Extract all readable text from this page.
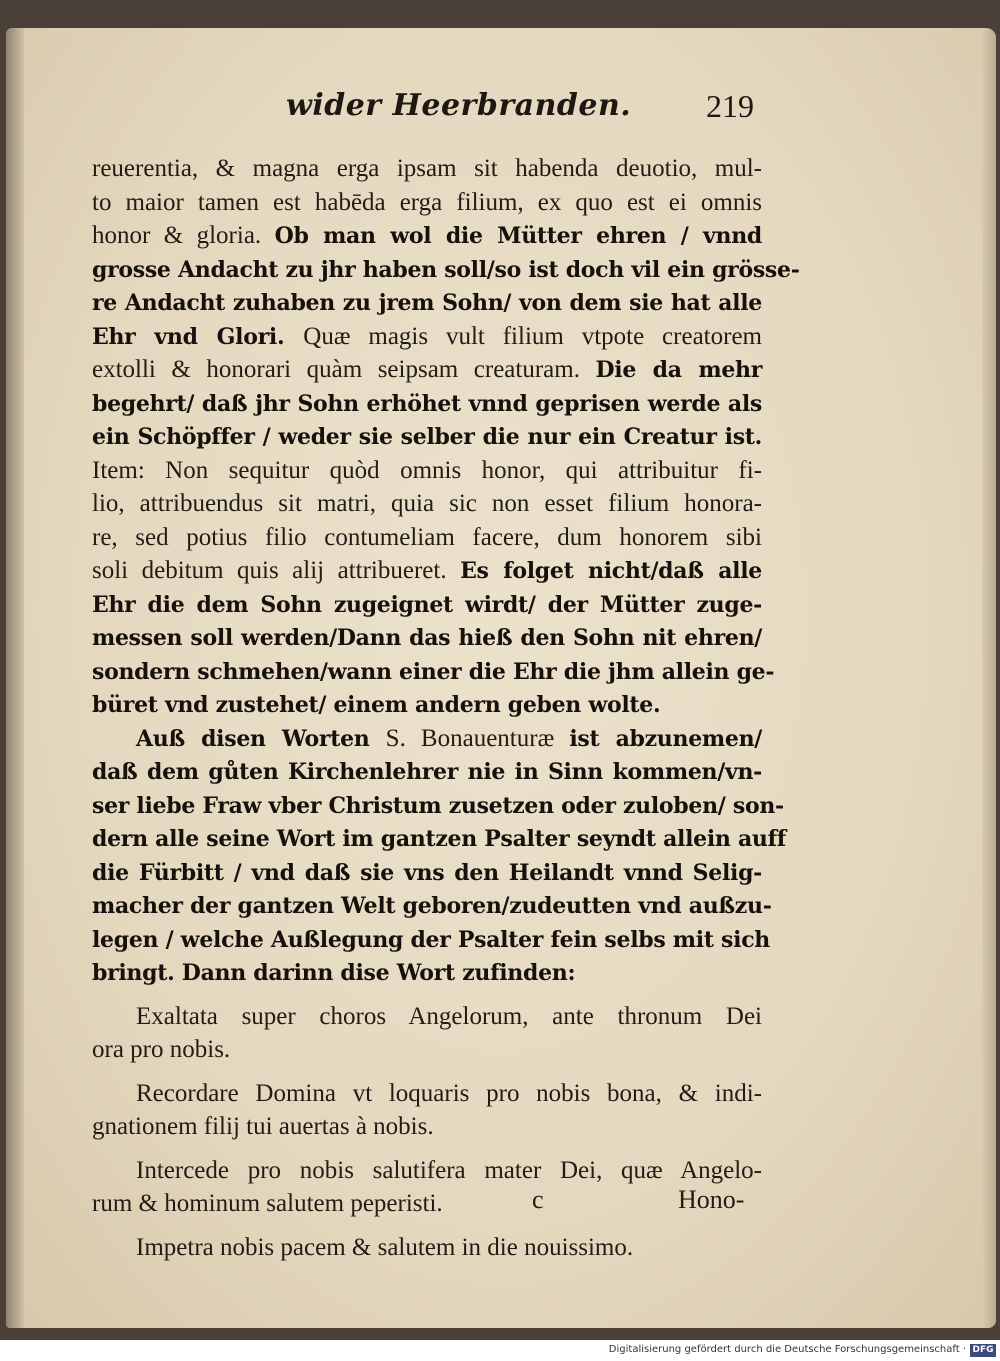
wider Heerbranden. 219
reuerentia, & magna erga ipsam sit habenda deuotio, mul-
to maior tamen est habēda erga filium, ex quo est ei omnis
honor & gloria. Ob man wol die Mütter ehren / vnnd
grosse Andacht zu jhr haben soll/so ist doch vil ein grösse-
re Andacht zuhaben zu jrem Sohn/ von dem sie hat alle
Ehr vnd Glori. Quæ magis vult filium vtpote creatorem
extolli & honorari quàm seipsam creaturam. Die da mehr
begehrt/ daß jhr Sohn erhöhet vnnd geprisen werde als
ein Schöpffer / weder sie selber die nur ein Creatur ist.
Item: Non sequitur quòd omnis honor, qui attribuitur fi-
lio, attribuendus sit matri, quia sic non esset filium honora-
re, sed potius filio contumeliam facere, dum honorem sibi
soli debitum quis alij attribueret. Es folget nicht/daß alle
Ehr die dem Sohn zugeignet wirdt/ der Mütter zuge-
messen soll werden/Dann das hieß den Sohn nit ehren/
sondern schmehen/wann einer die Ehr die jhm allein ge-
büret vnd zustehet/ einem andern geben wolte.
Auß disen Worten S. Bonauenturæ ist abzunemen/
daß dem gůten Kirchenlehrer nie in Sinn kommen/vn-
ser liebe Fraw vber Christum zusetzen oder zuloben/ son-
dern alle seine Wort im gantzen Psalter seyndt allein auff
die Fürbitt / vnd daß sie vns den Heilandt vnnd Selig-
macher der gantzen Welt geboren/zudeutten vnd außzu-
legen / welche Außlegung der Psalter fein selbs mit sich
bringt. Dann darinn dise Wort zufinden:
Exaltata super choros Angelorum, ante thronum Dei
ora pro nobis.
Recordare Domina vt loquaris pro nobis bona, & indi-
gnationem filij tui auertas à nobis.
Intercede pro nobis salutifera mater Dei, quæ Angelo-
rum & hominum salutem peperisti.
Impetra nobis pacem & salutem in die nouissimo.
c	Hono-
Digitalisierung gefördert durch die Deutsche Forschungsgemeinschaft · DFG
